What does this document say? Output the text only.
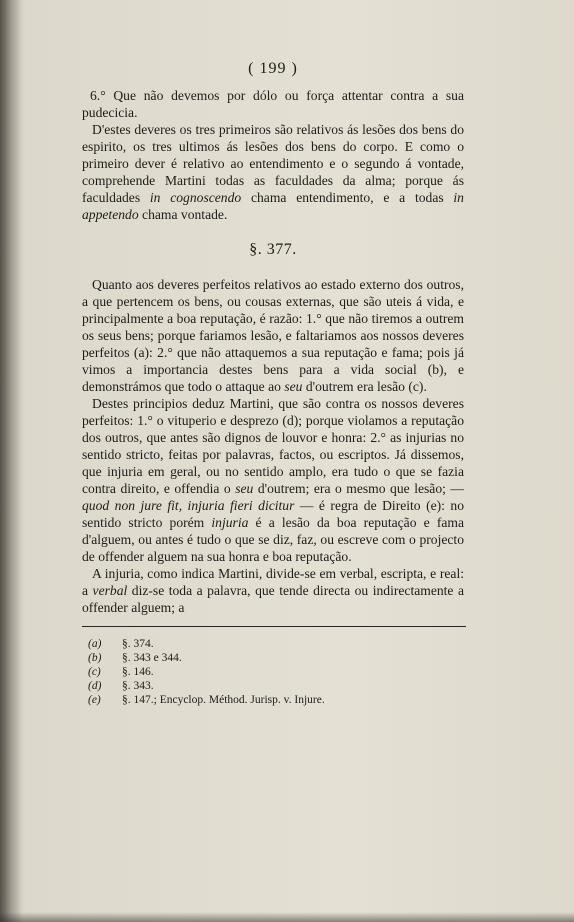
( 199 )

6.° Que não devemos por dólo ou força attentar contra a sua pudecicia.

D'estes deveres os tres primeiros são relativos ás lesões dos bens do espirito, os tres ultimos ás lesões dos bens do corpo. E como o primeiro dever é relativo ao entendimento e o segundo á vontade, comprehende Martini todas as faculdades da alma; porque ás faculdades in cognoscendo chama entendimento, e a todas in appetendo chama vontade.

§. 377.

Quanto aos deveres perfeitos relativos ao estado externo dos outros, a que pertencem os bens, ou cousas externas, que são uteis á vida, e principalmente a boa reputação, é razão: 1.° que não tiremos a outrem os seus bens; porque fariamos lesão, e faltariamos aos nossos deveres perfeitos (a): 2.° que não attaquemos a sua reputação e fama; pois já vimos a importancia destes bens para a vida social (b), e demonstrámos que todo o attaque ao seu d'outrem era lesão (c).

Destes principios deduz Martini, que são contra os nossos deveres perfeitos: 1.° o vituperio e desprezo (d); porque violamos a reputação dos outros, que antes são dignos de louvor e honra: 2.° as injurias no sentido stricto, feitas por palavras, factos, ou escriptos. Já dissemos, que injuria em geral, ou no sentido amplo, era tudo o que se fazia contra direito, e offendia o seu d'outrem; era o mesmo que lesão; — quod non jure fit, injuria fieri dicitur — é regra de Direito (e): no sentido stricto porém injuria é a lesão da boa reputação e fama d'alguem, ou antes é tudo o que se diz, faz, ou escreve com o projecto de offender alguem na sua honra e boa reputação.

A injuria, como indica Martini, divide-se em verbal, escripta, e real: a verbal diz-se toda a palavra, que tende directa ou indirectamente a offender alguem; a

(a)	§. 374.
(b)	§. 343 e 344.
(c)	§. 146.
(d)	§. 343.
(e)	§. 147.; Encyclop. Méthod. Jurisp. v. Injure.
